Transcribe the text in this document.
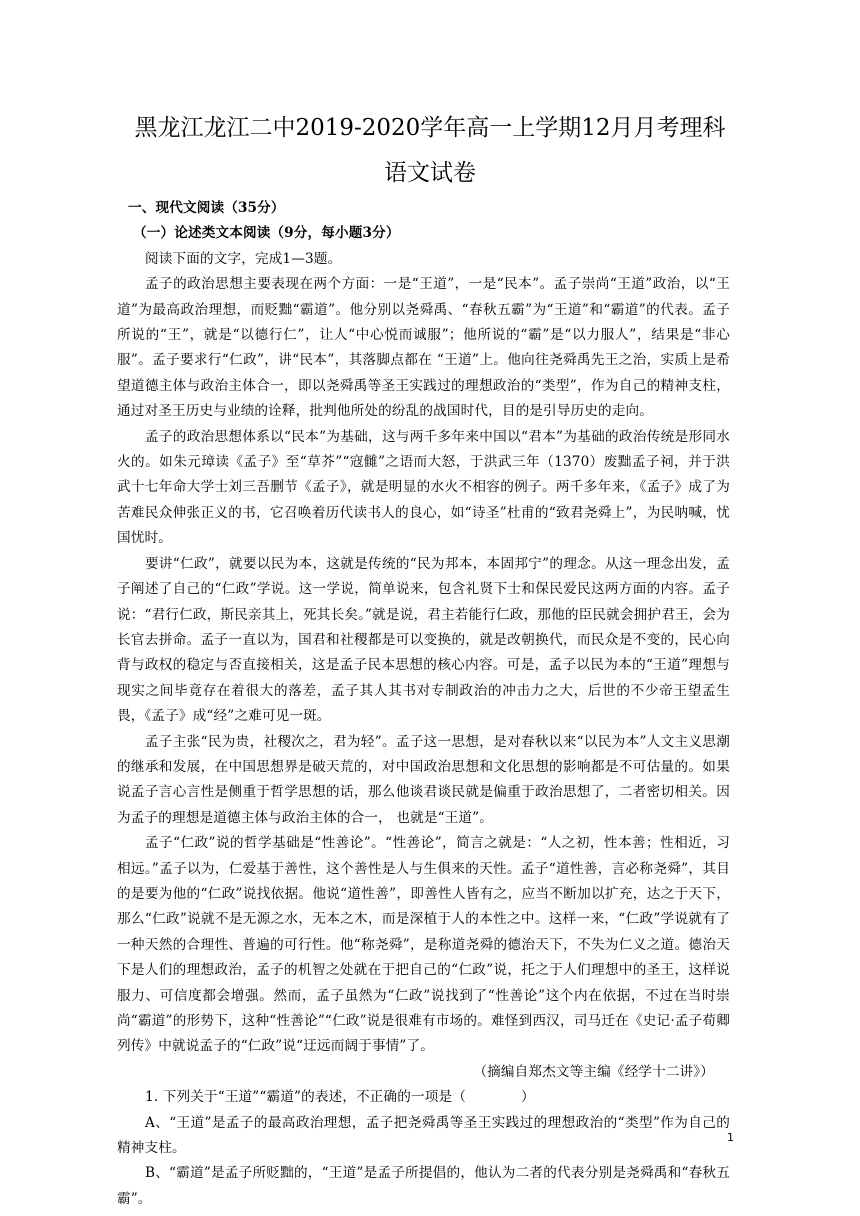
黑龙江龙江二中2019-2020学年高一上学期12月月考理科
语文试卷

一、现代文阅读（35分）

（一）论述类文本阅读（9分，每小题3分）

阅读下面的文字，完成1—3题。

孟子的政治思想主要表现在两个方面：一是“王道”，一是“民本”。孟子崇尚“王道”政治，以“王道”为最高政治理想，而贬黜“霸道”。他分别以尧舜禹、“春秋五霸”为“王道”和“霸道”的代表。孟子所说的“王”，就是“以德行仁”，让人“中心悦而诚服”；他所说的“霸”是“以力服人”，结果是“非心服”。孟子要求行“仁政”，讲“民本”，其落脚点都在 “王道”上。他向往尧舜禹先王之治，实质上是希望道德主体与政治主体合一，即以尧舜禹等圣王实践过的理想政治的“类型”，作为自己的精神支柱，通过对圣王历史与业绩的诠释，批判他所处的纷乱的战国时代，目的是引导历史的走向。

孟子的政治思想体系以“民本”为基础，这与两千多年来中国以“君本”为基础的政治传统是形同水火的。如朱元璋读《孟子》至“草芥”“寇雠”之语而大怒，于洪武三年（1370）废黜孟子祠，并于洪武十七年命大学士刘三吾删节《孟子》，就是明显的水火不相容的例子。两千多年来，《孟子》成了为苦难民众伸张正义的书，它召唤着历代读书人的良心，如“诗圣”杜甫的“致君尧舜上”，为民呐喊，忧国忧时。

要讲“仁政”，就要以民为本，这就是传统的“民为邦本，本固邦宁”的理念。从这一理念出发，孟子阐述了自己的“仁政”学说。这一学说，简单说来，包含礼贤下士和保民爱民这两方面的内容。孟子说：“君行仁政，斯民亲其上，死其长矣。”就是说，君主若能行仁政，那他的臣民就会拥护君王，会为长官去拼命。孟子一直以为，国君和社稷都是可以变换的，就是改朝换代，而民众是不变的，民心向背与政权的稳定与否直接相关，这是孟子民本思想的核心内容。可是，孟子以民为本的“王道”理想与现实之间毕竟存在着很大的落差，孟子其人其书对专制政治的冲击力之大，后世的不少帝王望孟生畏，《孟子》成“经”之难可见一斑。

孟子主张“民为贵，社稷次之，君为轻”。孟子这一思想，是对春秋以来“以民为本”人文主义思潮的继承和发展，在中国思想界是破天荒的，对中国政治思想和文化思想的影响都是不可估量的。如果说孟子言心言性是侧重于哲学思想的话，那么他谈君谈民就是偏重于政治思想了，二者密切相关。因为孟子的理想是道德主体与政治主体的合一， 也就是“王道”。

孟子“仁政”说的哲学基础是“性善论”。“性善论”，简言之就是：“人之初，性本善；性相近，习相远。”孟子以为，仁爱基于善性，这个善性是人与生俱来的天性。孟子“道性善，言必称尧舜”，其目的是要为他的“仁政”说找依据。他说“道性善”，即善性人皆有之，应当不断加以扩充，达之于天下，那么“仁政”说就不是无源之水，无本之木，而是深植于人的本性之中。这样一来，“仁政”学说就有了一种天然的合理性、普遍的可行性。他“称尧舜”，是称道尧舜的德治天下，不失为仁义之道。德治天下是人们的理想政治，孟子的机智之处就在于把自己的“仁政”说，托之于人们理想中的圣王，这样说服力、可信度都会增强。然而，孟子虽然为“仁政”说找到了“性善论”这个内在依据，不过在当时崇尚“霸道”的形势下，这种“性善论”“仁政”说是很难有市场的。难怪到西汉，司马迁在《史记·孟子荀卿列传》中就说孟子的“仁政”说“迂远而阔于事情”了。

（摘编自郑杰文等主编《经学十二讲》）

1. 下列关于“王道”“霸道”的表述，不正确的一项是（　　　　）

A、“王道”是孟子的最高政治理想，孟子把尧舜禹等圣王实践过的理想政治的“类型”作为自己的精神支柱。

B、“霸道”是孟子所贬黜的，“王道”是孟子所提倡的，他认为二者的代表分别是尧舜禹和“春秋五霸”。

1
